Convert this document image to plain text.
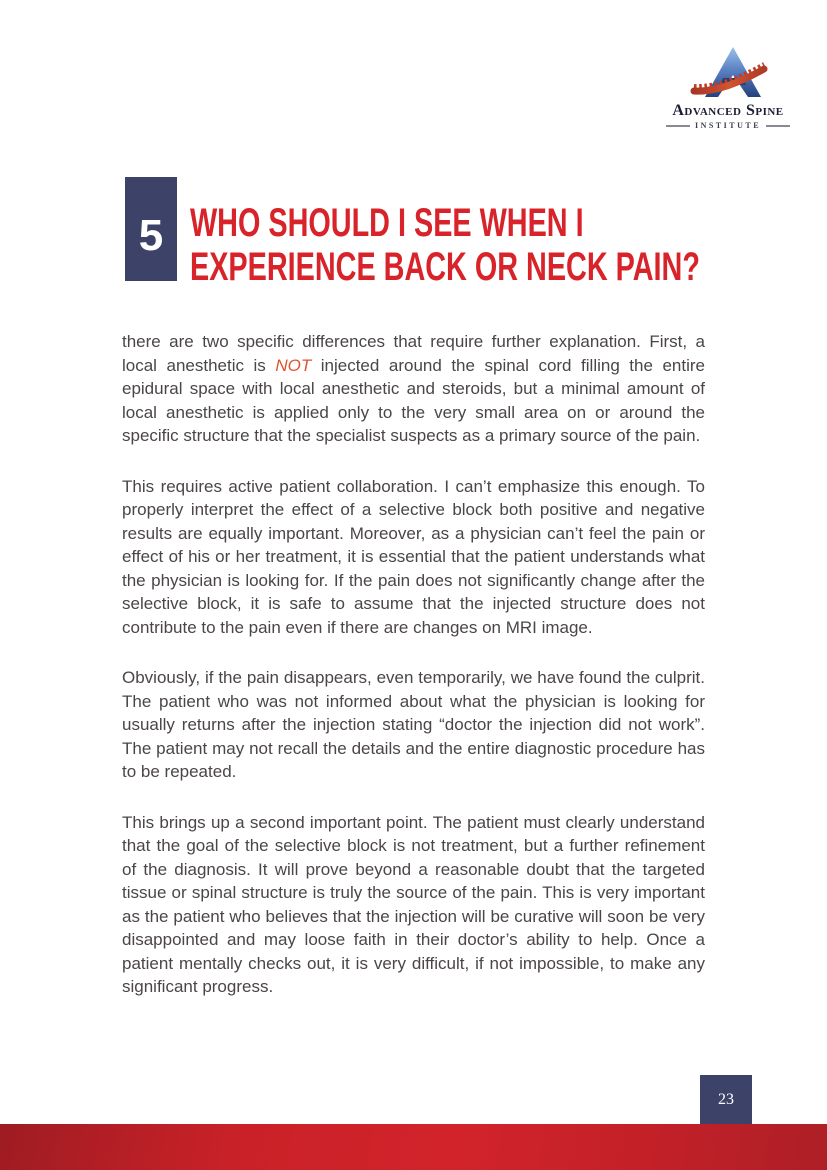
Advanced Spine
INSTITUTE
5 WHO SHOULD I SEE WHEN I
EXPERIENCE BACK OR NECK PAIN?

there are two specific differences that require further explanation. First, a local anesthetic is NOT injected around the spinal cord filling the entire epidural space with local anesthetic and steroids, but a minimal amount of local anesthetic is applied only to the very small area on or around the specific structure that the specialist suspects as a primary source of the pain.

This requires active patient collaboration. I can’t emphasize this enough. To properly interpret the effect of a selective block both positive and negative results are equally important. Moreover, as a physician can’t feel the pain or effect of his or her treatment, it is essential that the patient understands what the physician is looking for. If the pain does not significantly change after the selective block, it is safe to assume that the injected structure does not contribute to the pain even if there are changes on MRI image.

Obviously, if the pain disappears, even temporarily, we have found the culprit. The patient who was not informed about what the physician is looking for usually returns after the injection stating “doctor the injection did not work”. The patient may not recall the details and the entire diagnostic procedure has to be repeated.

This brings up a second important point. The patient must clearly understand that the goal of the selective block is not treatment, but a further refinement of the diagnosis. It will prove beyond a reasonable doubt that the targeted tissue or spinal structure is truly the source of the pain. This is very important as the patient who believes that the injection will be curative will soon be very disappointed and may loose faith in their doctor’s ability to help. Once a patient mentally checks out, it is very difficult, if not impossible, to make any significant progress.

23
